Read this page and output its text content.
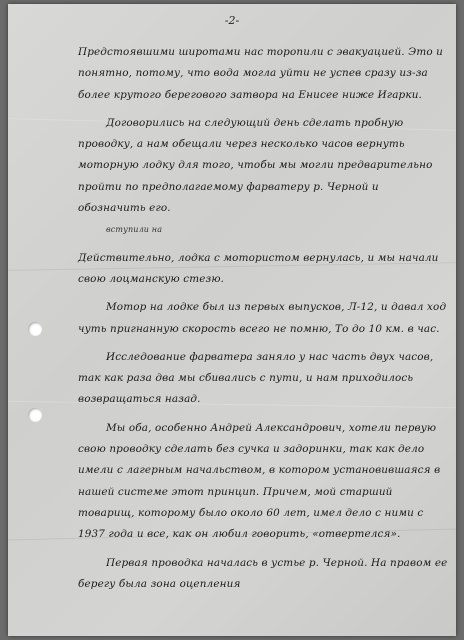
-2-

Предстоявшими широтами нас торопили с эвакуацией. Это и понятно, потому, что вода могла уйти не успев сразу из-за более крутого берегового затвора на Енисее ниже Игарки.

Договорились на следующий день сделать пробную проводку, а нам обещали через несколько часов вернуть моторную лодку для того, чтобы мы могли предварительно пройти по предполагаемому фарватеру р. Черной и обозначить его.

$^{вступили на}$
Действительно, лодка с мотористом вернулась, и мы начали свою лоцманскую стезю.

Мотор на лодке был из первых выпусков, Л-12, и давал ход чуть пригнанную скорость всего не помню, То до 10 км. в час.

Исследование фарватера заняло у нас часть двух часов, так как раза два мы сбивались с пути, и нам приходилось возвращаться назад.

Мы оба, особенно Андрей Александрович, хотели первую свою проводку сделать без сучка и задоринки, так как дело имели с лагерным начальством, в котором установившаяся в нашей системе этот принцип. Причем, мой старший товарищ, которому было около 60 лет, имел дело с ними с 1937 года и все, как он любил говорить, «отвертелся».

Первая проводка началась в устье р. Черной. На правом ее берегу была зона оцепления
